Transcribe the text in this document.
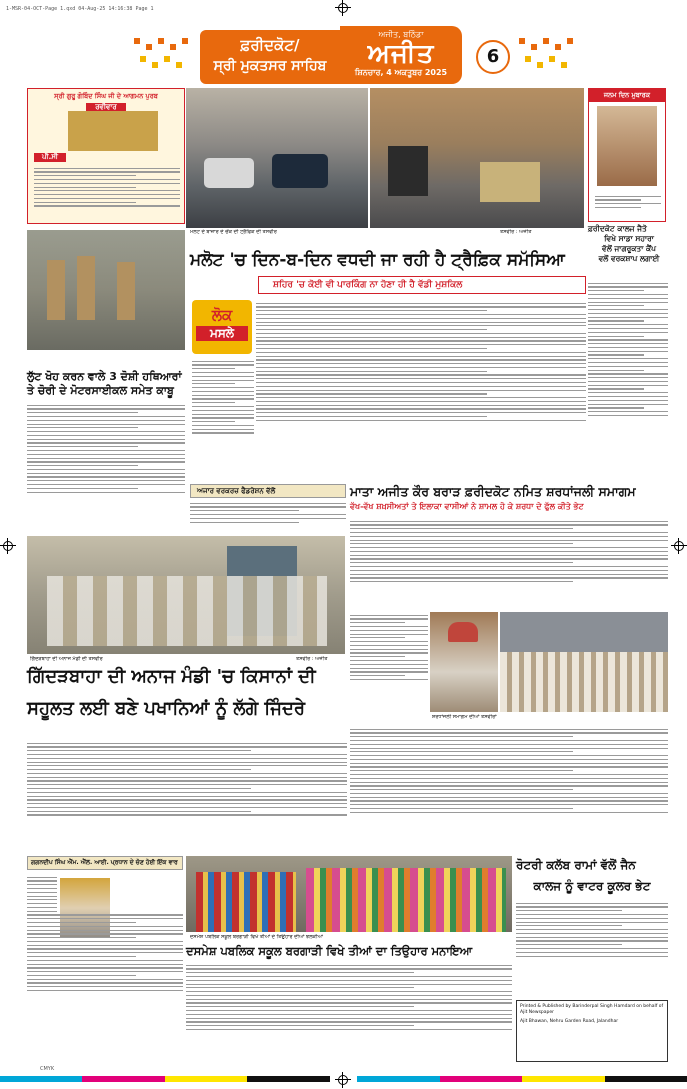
1-MSR-04-OCT-Page 1.qxd 04-Aug-25 14:16:38 Page 1
ਫ਼ਰੀਦਕੋਟ/
ਸ੍ਰੀ ਮੁਕਤਸਰ ਸਾਹਿਬ
ਅਜੀਤ, ਬਠਿੰਡਾ
ਅਜੀਤ
ਸ਼ਿਨਚਾਰ, 4 ਅਕਤੂਬਰ 2025
6
ਸ੍ਰੀ ਗੁਰੂ ਗੋਬਿੰਦ ਸਿੰਘ ਜੀ ਦੇ ਆਗਮਨ ਪੁਰਬ
ਰਵੀਵਾਰ
ਪੀ.ਸੀ
ਮਲੋਟ ਦੇ ਬਾਜ਼ਾਰ ਦੇ ਚੌਂਕ ਦੀ ਟ੍ਰੈਫਿਕ ਦੀ ਤਸਵੀਰ	ਤਸਵੀਰ : ਅਜੀਤ
ਜਨਮ ਦਿਨ ਮੁਬਾਰਕ
ਫ਼ਰੀਦਕੋਟ ਕਾਲਜ ਜੈਤੋ
ਵਿਖੇ ਸਾਡਾ ਸਹਾਰਾ
ਵੱਲੋਂ ਜਾਗਰੂਕਤਾ ਕੈਂਪ
ਵਲੋਂ ਵਰਕਸ਼ਾਪ ਲਗਾਈ
ਲੁੱਟ ਖੋਹ ਕਰਨ ਵਾਲੇ 3 ਦੋਸ਼ੀ ਹਥਿਆਰਾਂ
ਤੇ ਚੋਰੀ ਦੇ ਮੋਟਰਸਾਈਕਲ ਸਮੇਤ ਕਾਬੂ
ਮਲੋਟ 'ਚ ਦਿਨ-ਬ-ਦਿਨ ਵਧਦੀ ਜਾ ਰਹੀ ਹੈ ਟ੍ਰੈਫ਼ਿਕ ਸਮੱਸਿਆ
ਸ਼ਹਿਰ 'ਚ ਕੋਈ ਵੀ ਪਾਰਕਿੰਗ ਨਾ ਹੋਣਾ ਹੀ ਹੈ ਵੱਡੀ ਮੁਸ਼ਕਿਲ
ਲੋਕ
ਮਸਲੇ
ਅਜਾਰ ਵਰਕਰਜ਼ ਫੈਡਰੇਸ਼ਨ ਵੱਲੋਂ
ਗਿੱਦੜਬਾਹਾ ਦੀ ਅਨਾਜ ਮੰਡੀ ਦੀ ਤਸਵੀਰ	ਤਸਵੀਰ : ਅਜੀਤ
ਮਾਤਾ ਅਜੀਤ ਕੌਰ ਬਰਾੜ ਫ਼ਰੀਦਕੋਟ ਨਮਿਤ ਸ਼ਰਧਾਂਜਲੀ ਸਮਾਗਮ
ਵੱਖ-ਵੱਖ ਸ਼ਖ਼ਸੀਅਤਾਂ ਤੇ ਇਲਾਕਾ ਵਾਸੀਆਂ ਨੇ ਸ਼ਾਮਲ ਹੋ ਕੇ ਸ਼ਰਧਾ ਦੇ ਫੁੱਲ ਕੀਤੇ ਭੇਟ
ਸ਼ਰਧਾਂਜਲੀ ਸਮਾਗਮ ਦੀਆਂ ਤਸਵੀਰਾਂ
ਗਿੱਦੜਬਾਹਾ ਦੀ ਅਨਾਜ ਮੰਡੀ 'ਚ ਕਿਸਾਨਾਂ ਦੀ
ਸਹੂਲਤ ਲਈ ਬਣੇ ਪਖਾਨਿਆਂ ਨੂੰ ਲੱਗੇ ਜਿੰਦਰੇ
ਗਗਨਦੀਪ ਸਿੰਘ ਐੱਮ. ਐੱਲ. ਆਈ. ਪ੍ਰਧਾਨ ਦੇ ਚੋਣ ਹੋਈ ਇੱਕ ਵਾਰ
ਦਸਮੇਸ਼ ਪਬਲਿਕ ਸਕੂਲ ਬਰਗਾੜੀ ਵਿਖੇ ਤੀਆਂ ਦੇ ਤਿਉਹਾਰ ਦੀਆਂ ਝਲਕੀਆਂ
ਦਸਮੇਸ਼ ਪਬਲਿਕ ਸਕੂਲ ਬਰਗਾੜੀ ਵਿਖੇ ਤੀਆਂ ਦਾ ਤਿਉਹਾਰ ਮਨਾਇਆ
ਰੋਟਰੀ ਕਲੱਬ ਰਾਮਾਂ ਵੱਲੋਂ ਜੈਨ
ਕਾਲਜ ਨੂੰ ਵਾਟਰ ਕੂਲਰ ਭੇਟ
Printed & Published by Barinderpal Singh Hamdard on behalf of Ajit Newspaper
Ajit Bhawan, Nehru Garden Road, Jalandhar
CMYK
